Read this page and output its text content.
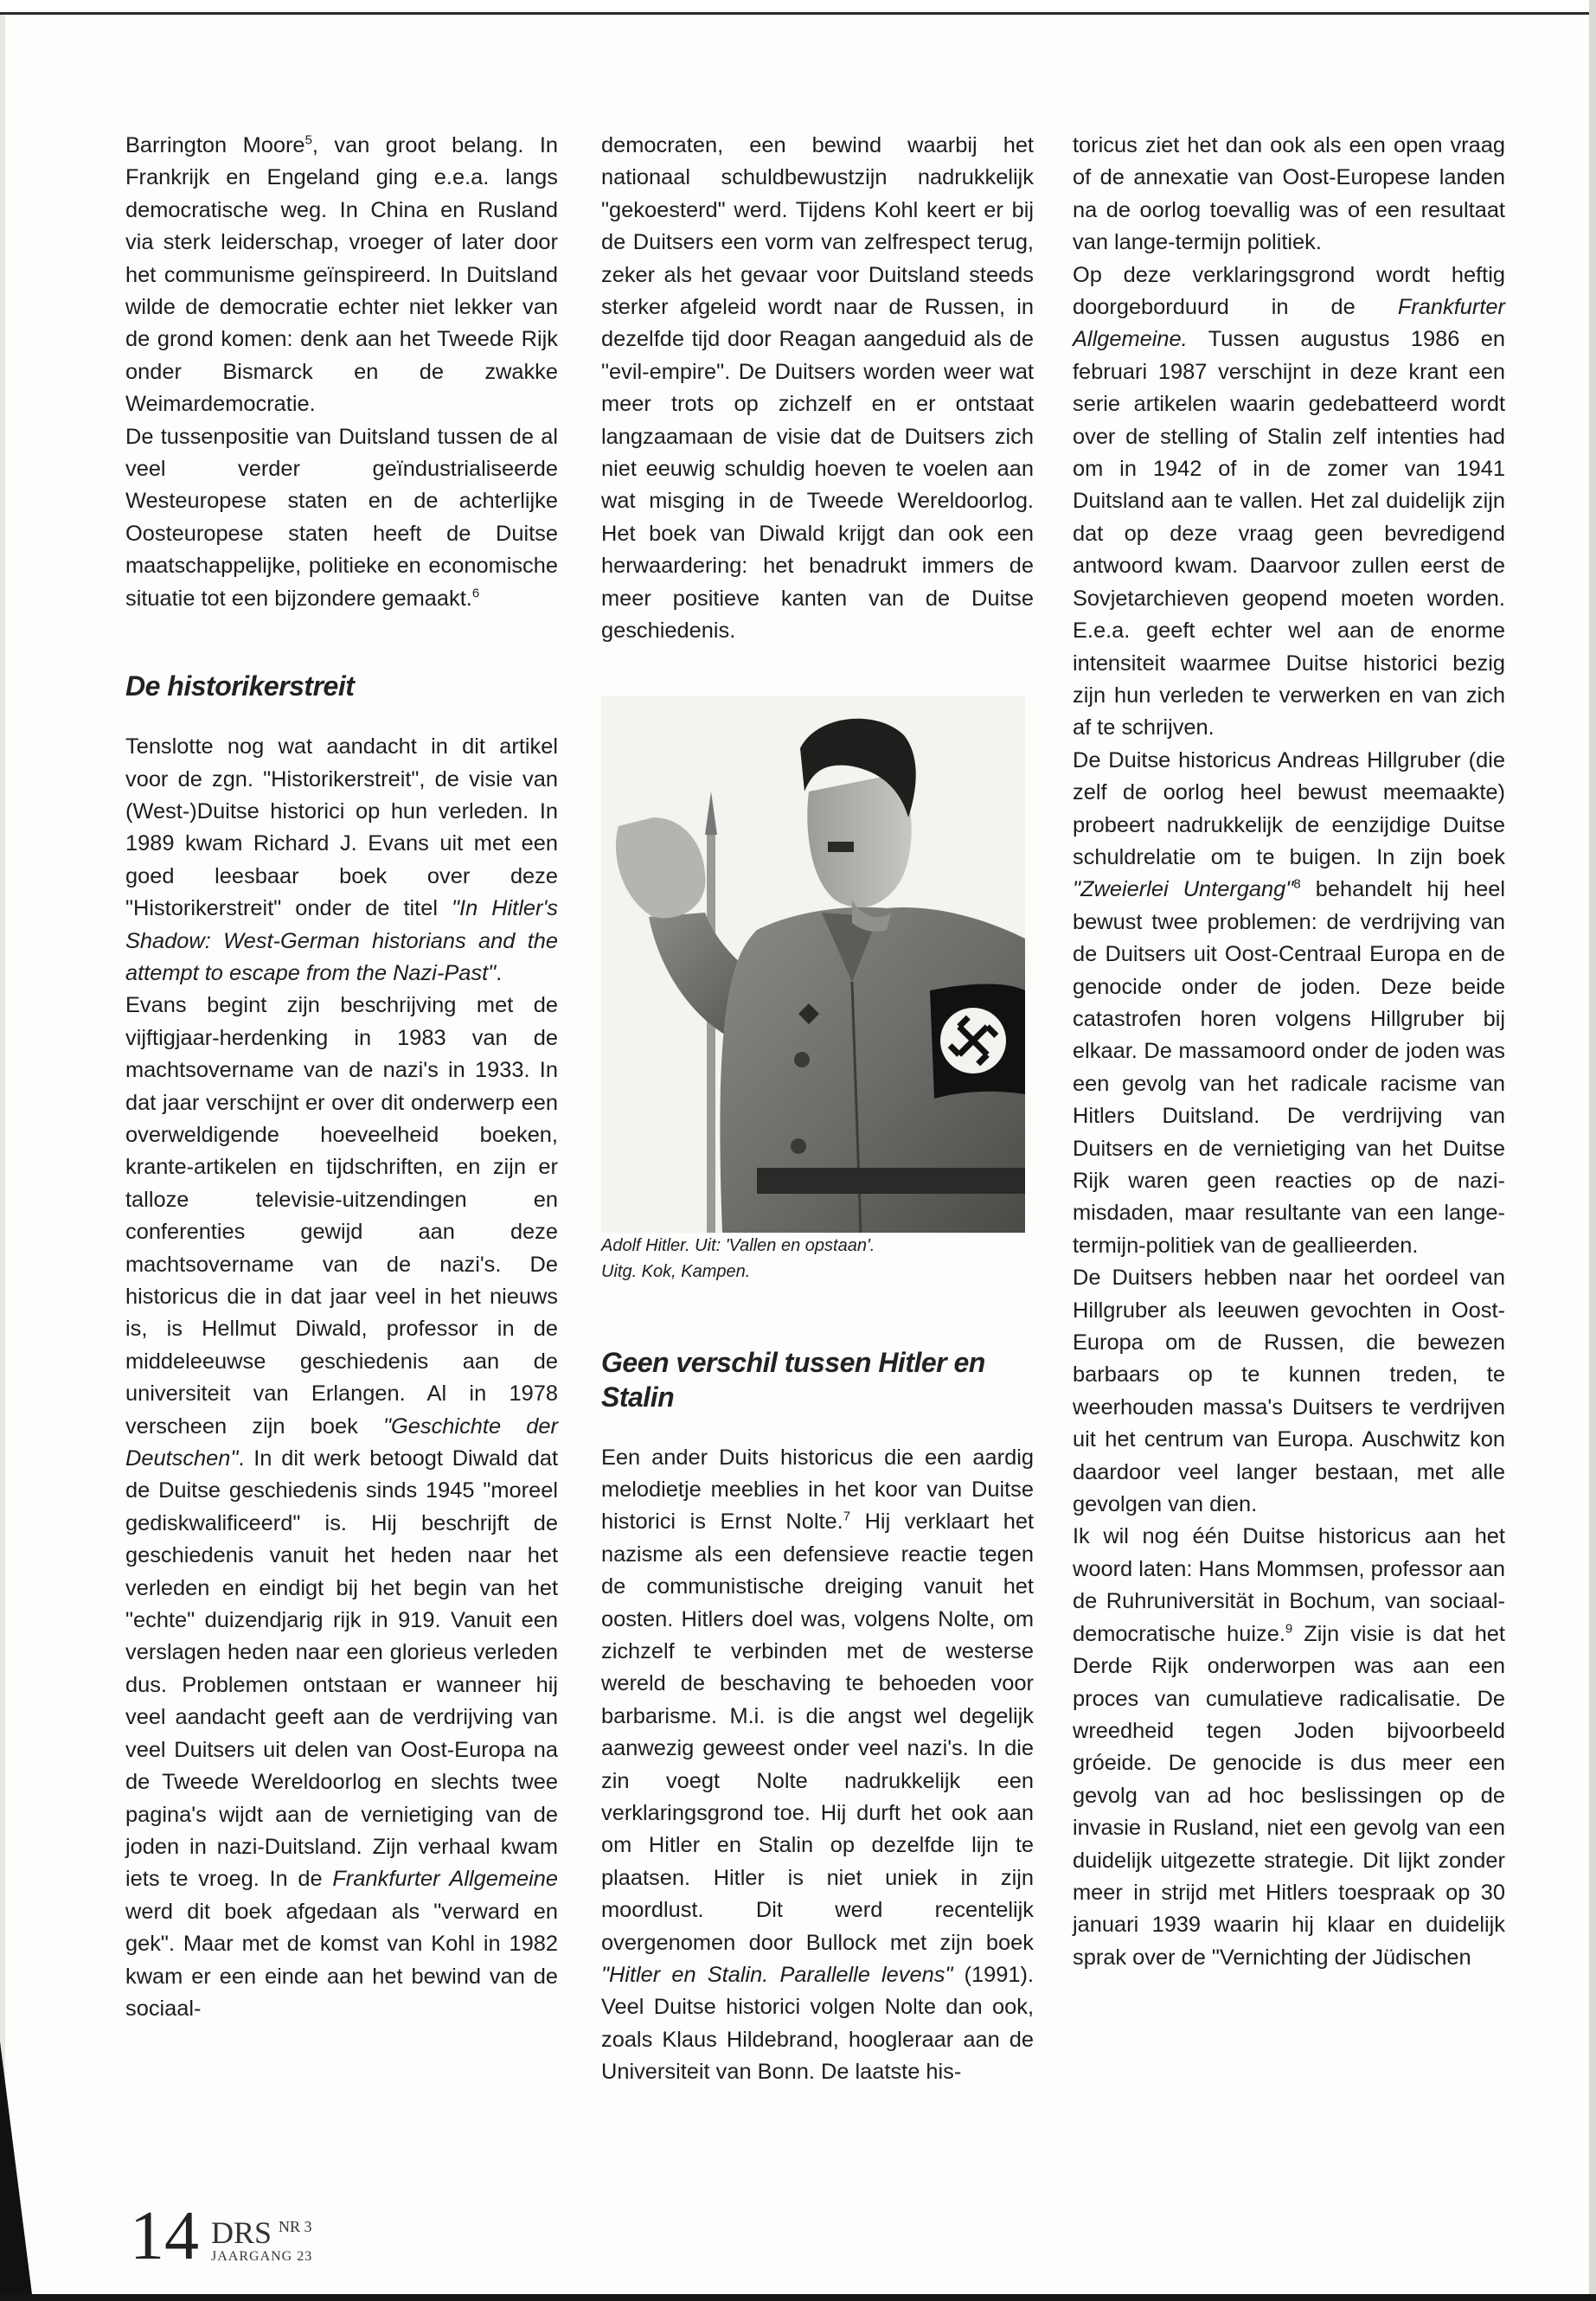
Barrington Moore$^5$, van groot belang. In Frankrijk en Engeland ging e.e.a. langs democratische weg. In China en Rusland via sterk leiderschap, vroeger of later door het communisme geïnspireerd. In Duitsland wilde de democratie echter niet lekker van de grond komen: denk aan het Tweede Rijk onder Bismarck en de zwakke Weimardemocratie.

De tussenpositie van Duitsland tussen de al veel verder geïndustrialiseerde Westeuropese staten en de achterlijke Oosteuropese staten heeft de Duitse maatschappelijke, politieke en economische situatie tot een bijzondere gemaakt.$^6$

De historikerstreit

Tenslotte nog wat aandacht in dit artikel voor de zgn. "Historikerstreit", de visie van (West-)Duitse historici op hun verleden. In 1989 kwam Richard J. Evans uit met een goed leesbaar boek over deze "Historikerstreit" onder de titel "In Hitler's Shadow: West-German historians and the attempt to escape from the Nazi-Past".

Evans begint zijn beschrijving met de vijftigjaar-herdenking in 1983 van de machtsovername van de nazi's in 1933. In dat jaar verschijnt er over dit onderwerp een overweldigende hoeveelheid boeken, krante-artikelen en tijdschriften, en zijn er talloze televisie-uitzendingen en conferenties gewijd aan deze machtsovername van de nazi's. De historicus die in dat jaar veel in het nieuws is, is Hellmut Diwald, professor in de middeleeuwse geschiedenis aan de universiteit van Erlangen. Al in 1978 verscheen zijn boek "Geschichte der Deutschen". In dit werk betoogt Diwald dat de Duitse geschiedenis sinds 1945 "moreel gediskwalificeerd" is. Hij beschrijft de geschiedenis vanuit het heden naar het verleden en eindigt bij het begin van het "echte" duizendjarig rijk in 919. Vanuit een verslagen heden naar een glorieus verleden dus. Problemen ontstaan er wanneer hij veel aandacht geeft aan de verdrijving van veel Duitsers uit delen van Oost-Europa na de Tweede Wereldoorlog en slechts twee pagina's wijdt aan de vernietiging van de joden in nazi-Duitsland. Zijn verhaal kwam iets te vroeg. In de Frankfurter Allgemeine werd dit boek afgedaan als "verward en gek". Maar met de komst van Kohl in 1982 kwam er een einde aan het bewind van de sociaal-

democraten, een bewind waarbij het nationaal schuldbewustzijn nadrukkelijk "gekoesterd" werd. Tijdens Kohl keert er bij de Duitsers een vorm van zelfrespect terug, zeker als het gevaar voor Duitsland steeds sterker afgeleid wordt naar de Russen, in dezelfde tijd door Reagan aangeduid als de "evil-empire". De Duitsers worden weer wat meer trots op zichzelf en er ontstaat langzaamaan de visie dat de Duitsers zich niet eeuwig schuldig hoeven te voelen aan wat misging in de Tweede Wereldoorlog. Het boek van Diwald krijgt dan ook een herwaardering: het benadrukt immers de meer positieve kanten van de Duitse geschiedenis.

Adolf Hitler. Uit: 'Vallen en opstaan'.
Uitg. Kok, Kampen.

Geen verschil tussen Hitler en Stalin

Een ander Duits historicus die een aardig melodietje meeblies in het koor van Duitse historici is Ernst Nolte.$^7$ Hij verklaart het nazisme als een defensieve reactie tegen de communistische dreiging vanuit het oosten. Hitlers doel was, volgens Nolte, om zichzelf te verbinden met de westerse wereld de beschaving te behoeden voor barbarisme. M.i. is die angst wel degelijk aanwezig geweest onder veel nazi's. In die zin voegt Nolte nadrukkelijk een verklaringsgrond toe. Hij durft het ook aan om Hitler en Stalin op dezelfde lijn te plaatsen. Hitler is niet uniek in zijn moordlust. Dit werd recentelijk overgenomen door Bullock met zijn boek "Hitler en Stalin. Parallelle levens" (1991). Veel Duitse historici volgen Nolte dan ook, zoals Klaus Hildebrand, hoogleraar aan de Universiteit van Bonn. De laatste his-

toricus ziet het dan ook als een open vraag of de annexatie van Oost-Europese landen na de oorlog toevallig was of een resultaat van lange-termijn politiek.

Op deze verklaringsgrond wordt heftig doorgeborduurd in de Frankfurter Allgemeine. Tussen augustus 1986 en februari 1987 verschijnt in deze krant een serie artikelen waarin gedebatteerd wordt over de stelling of Stalin zelf intenties had om in 1942 of in de zomer van 1941 Duitsland aan te vallen. Het zal duidelijk zijn dat op deze vraag geen bevredigend antwoord kwam. Daarvoor zullen eerst de Sovjetarchieven geopend moeten worden. E.e.a. geeft echter wel aan de enorme intensiteit waarmee Duitse historici bezig zijn hun verleden te verwerken en van zich af te schrijven.

De Duitse historicus Andreas Hillgruber (die zelf de oorlog heel bewust meemaakte) probeert nadrukkelijk de eenzijdige Duitse schuldrelatie om te buigen. In zijn boek "Zweierlei Untergang"$^8$ behandelt hij heel bewust twee problemen: de verdrijving van de Duitsers uit Oost-Centraal Europa en de genocide onder de joden. Deze beide catastrofen horen volgens Hillgruber bij elkaar. De massamoord onder de joden was een gevolg van het radicale racisme van Hitlers Duitsland. De verdrijving van Duitsers en de vernietiging van het Duitse Rijk waren geen reacties op de nazi-misdaden, maar resultante van een lange-termijn-politiek van de geallieerden.

De Duitsers hebben naar het oordeel van Hillgruber als leeuwen gevochten in Oost-Europa om de Russen, die bewezen barbaars op te kunnen treden, te weerhouden massa's Duitsers te verdrijven uit het centrum van Europa. Auschwitz kon daardoor veel langer bestaan, met alle gevolgen van dien.

Ik wil nog één Duitse historicus aan het woord laten: Hans Mommsen, professor aan de Ruhruniversität in Bochum, van sociaal-democratische huize.$^9$ Zijn visie is dat het Derde Rijk onderworpen was aan een proces van cumulatieve radicalisatie. De wreedheid tegen Joden bijvoorbeeld gróeide. De genocide is dus meer een gevolg van ad hoc beslissingen op de invasie in Rusland, niet een gevolg van een duidelijk uitgezette strategie. Dit lijkt zonder meer in strijd met Hitlers toespraak op 30 januari 1939 waarin hij klaar en duidelijk sprak over de "Vernichting der Jüdischen

14 DRS NR 3
JAARGANG 23
